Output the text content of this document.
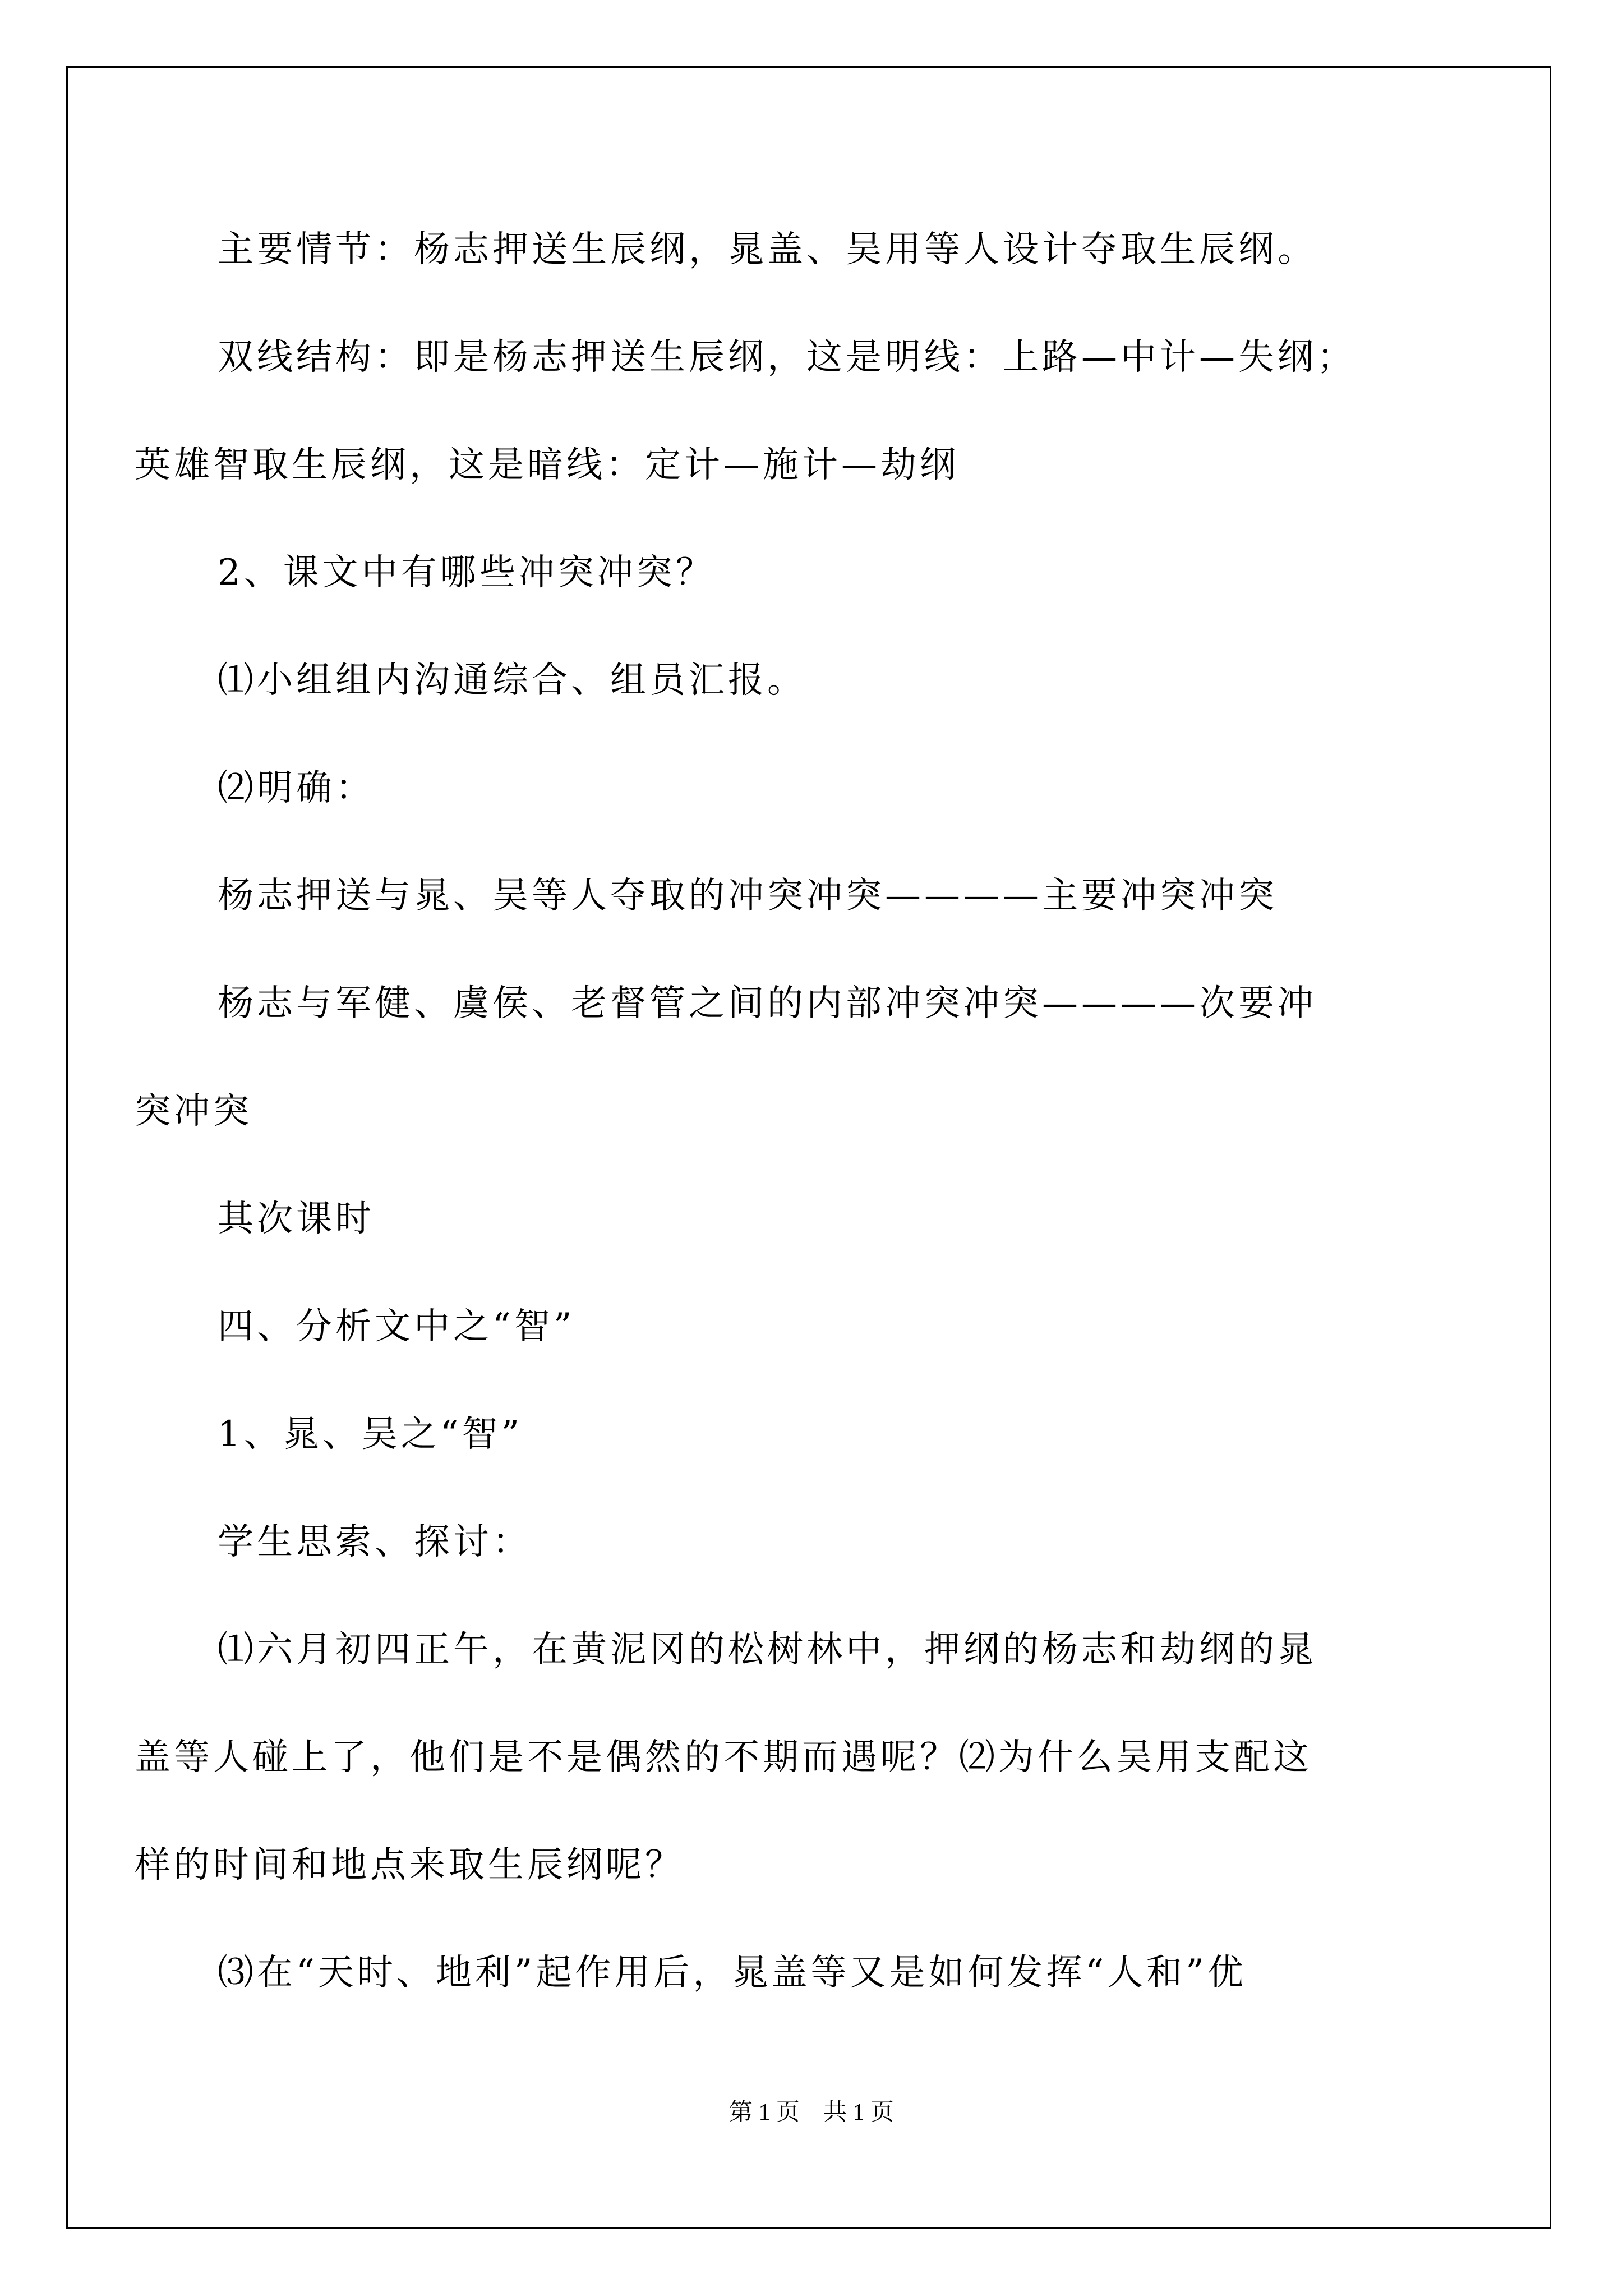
主要情节：杨志押送生辰纲，晁盖、吴用等人设计夺取生辰纲。
双线结构：即是杨志押送生辰纲，这是明线：上路—中计—失纲；
英雄智取生辰纲，这是暗线：定计—施计—劫纲
2、课文中有哪些冲突冲突？
⑴小组组内沟通综合、组员汇报。
⑵明确：
杨志押送与晁、吴等人夺取的冲突冲突————主要冲突冲突
杨志与军健、虞侯、老督管之间的内部冲突冲突————次要冲
突冲突
其次课时
四、分析文中之“智”
1、晁、吴之“智”
学生思索、探讨：
⑴六月初四正午，在黄泥冈的松树林中，押纲的杨志和劫纲的晁
盖等人碰上了，他们是不是偶然的不期而遇呢？⑵为什么吴用支配这
样的时间和地点来取生辰纲呢？
⑶在“天时、地利”起作用后，晁盖等又是如何发挥“人和”优
第 1 页　共 1 页
